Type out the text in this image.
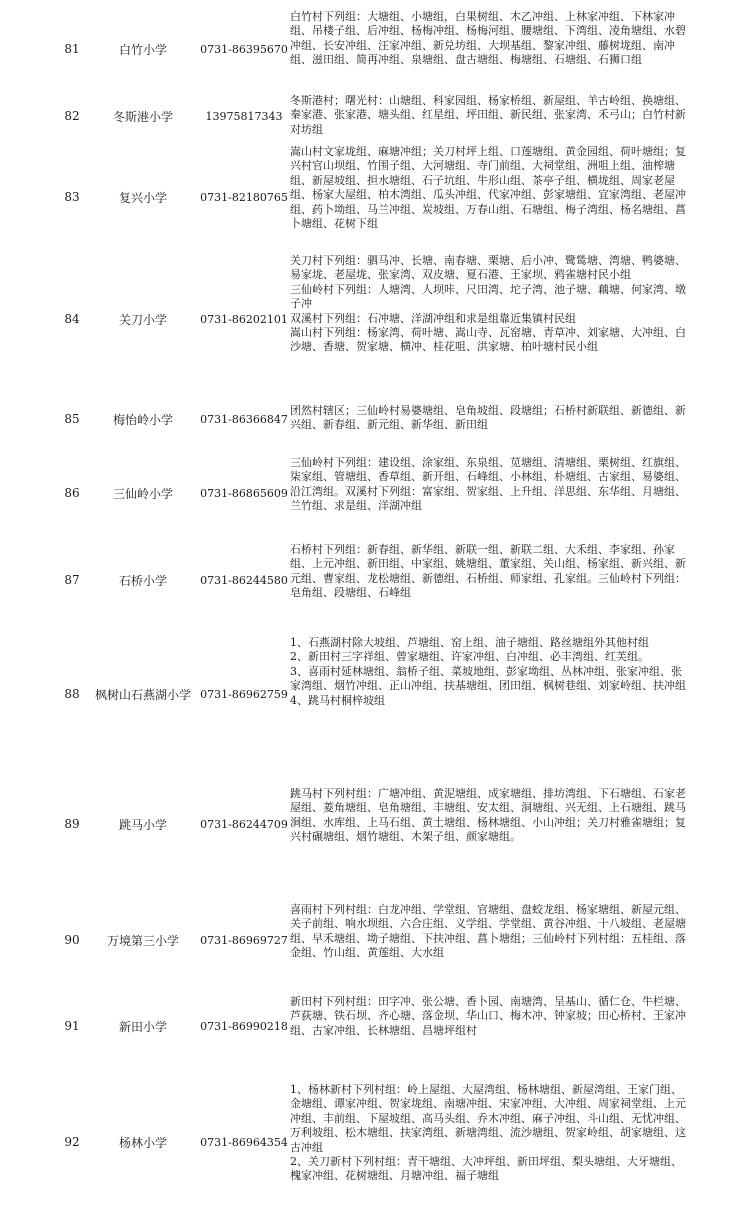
81	白竹小学	0731-86395670
白竹村下列组：大塘组、小塘组，白果树组、木乙冲组、上林家冲组、下林家冲组、吊楼子组、后冲组、杨梅冲组、杨梅河组、腰塘组、下湾组、凌角塘组、水碧冲组、长安冲组、汪家冲组、新兑坊组、大坝基组、黎家冲组、藤树垅组、南冲组、滋田组、简再冲组、泉塘组、盘古塘组、梅塘组、石塘组、石狮口组
82	冬斯港小学	13975817343
冬斯港村；曙光村：山塘组、科家园组、杨家桥组、新屋组、羊古岭组、换塘组、秦家港、张家港、塘头组、红星组、坪田组、新民组、张家湾、禾弓山；白竹村新对坊组
83	复兴小学	0731-82180765
嵩山村文家垅组、麻塘冲组；关刀村坪上组、口莲塘组、黄金园组、荷叶塘组；复兴村官山坝组、竹围子组、大河塘组、寺门前组、大祠堂组、洲咀上组、油榨塘组、新屋坡组、担水塘组、石子坑组、牛形山组、茶亭子组、横垅组、周家老屋组、杨家大屋组、柏木湾组、瓜头冲组、代家冲组、彭家塘组、宜家湾组、老屋冲组、药卜坳组、马兰冲组、炭坡组、万春山组、石塘组、梅子湾组、杨名塘组、菖卜塘组、花树下组
84	关刀小学	0731-86202101
关刀村下列组：驷马冲、长塘、南春塘、栗塘、后小冲、鹭鸶塘、湾塘、鸭婆塘、易家垅、老屋垅、张家湾、双皮塘、夏石港、王家坝、鸦雀塘村民小组
三仙岭村下列组：人塘湾、人坝咔、尺田湾、坨子湾、池子塘、藕塘、何家湾、墩子冲
双溪村下列组：石冲塘、洋湖冲组和求是组靠近集镇村民组
嵩山村下列组：杨家湾、荷叶塘、嵩山寺、瓦窑塘、青草冲、刘家塘、大冲组、白沙塘、香塘、贺家塘、横冲、桂花咀、洪家塘、柏叶塘村民小组
85	梅怡岭小学	0731-86366847
团然村辖区；三仙岭村易婆塘组、皂角坡组、段塘组；石桥村新联组、新德组、新兴组、新春组、新元组、新华组、新田组
86	三仙岭小学	0731-86865609
三仙岭村下列组：建设组、涂家组、东泉组、苋塘组、清塘组、栗树组、红旗组、柒家组、管塘组、香草组、新开组、石峰组、小林组、朴塘组、古家组、易婆组、沿江湾组。双溪村下列组：富家组、贺家组、上升组、洋思组、东华组、月塘组、兰竹组、求是组、洋湖冲组
87	石桥小学	0731-86244580
石桥村下列组：新春组、新华组、新联一组、新联二组、大禾组、李家组、孙家组、上元冲组、新田组、中家组、姚塘组、董家组、关山组、杨家组、新兴组、新元组、曹家组、龙松塘组、新德组、石桥组、师家组、孔家组。三仙岭村下列组：皂角组、段塘组、石峰组
88	枫树山石燕湖小学 0731-86962759
1、石燕湖村除大坡组、芦塘组、窑上组、油子塘组、路丝塘组外其他村组
2、新田村三字祥组、曾家塘组、许家冲组、白冲组、必丰湾组、红芙组。
3、喜雨村延林塘组、翁桥子组、菜坡地组、彭家坳组、丛林冲组、张家冲组、张家湾组、烟竹冲组、正山冲组、扶基塘组、团田组、枫树巷组、刘家岭组、扶冲组
4、跳马村桐梓坡组
89	跳马小学	0731-86244709
跳马村下列村组：广塘冲组、黄泥塘组、成家塘组、排坊湾组、下石塘组、石家老屋组、菱角塘组、皂角塘组、丰塘组、安太组、洞塘组、兴无组、上石塘组、跳马涧组、水库组、上马石组、黄土塘组、杨林塘组、小山冲组；关刀村雅雀塘组；复兴村碾塘组、烟竹塘组、木架子组、颜家塘组。
90	万境第三小学	0731-86969727
喜雨村下列村组：白龙冲组、学堂组、官塘组、盘蛟龙组、杨家塘组、新屋元组、关子前组、响水坝组、六合庄组、义学组、学堂组、黄谷冲组、十八坡组、老屋塘组、早禾塘组、坳子塘组、下扶冲组、菖卜塘组；三仙岭村下列村组：五桂组、落金组、竹山组、黄莲组、大水组
91	新田小学	0731-86990218
新田村下列村组：田字冲、张公塘、香卜园、南塘湾、呈基山、循仁仓、牛栏塘、芦荻塘、铁石坝、齐心塘、落金坝、华山口、梅木冲、钟家坡；田心桥村、王家冲组、古家冲组、长林塘组、昌塘坪组村
92	杨林小学	0731-86964354
1、杨林新村下列村组：岭上屋组、大屋湾组、杨林塘组、新屋湾组、王家门组、金塘组、谭家冲组、贺家垅组、南塘冲组、宋家冲组、大冲组、周家祠堂组、上元冲组、丰前组、下屋坡组、高马头组、乔木冲组、麻子冲组、斗山组、无忧冲组、万利坡组、松木塘组、扶家湾组、新塘湾组、流沙塘组、贺家岭组、胡家塘组、这古冲组
2、关刀新村下列村组：青干塘组、大冲坪组、新田坪组、梨头塘组、大牙塘组、槐家冲组、花树塘组、月塘冲组、福子塘组
